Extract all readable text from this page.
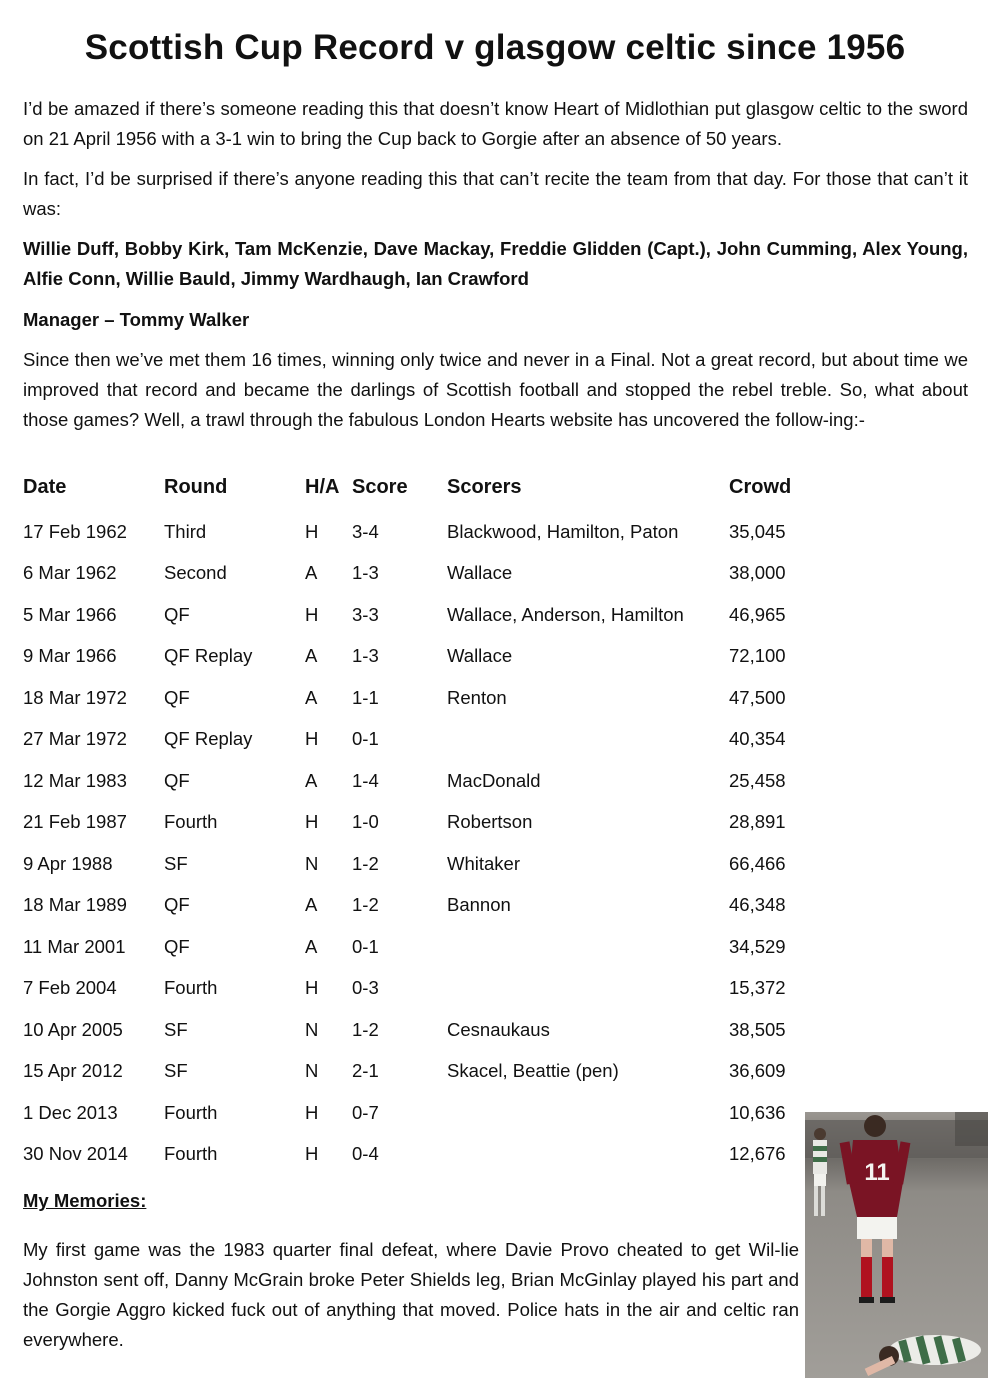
Scottish Cup Record v glasgow celtic since 1956

I’d be amazed if there’s someone reading this that doesn’t know Heart of Midlothian put glasgow celtic to the sword on 21 April 1956 with a 3-1 win to bring the Cup back to Gorgie after an absence of 50 years.

In fact, I’d be surprised if there’s anyone reading this that can’t recite the team from that day. For those that can’t it was:

Willie Duff, Bobby Kirk, Tam McKenzie, Dave Mackay, Freddie Glidden (Capt.), John Cumming, Alex Young, Alfie Conn, Willie Bauld, Jimmy Wardhaugh, Ian Crawford

Manager – Tommy Walker

Since then we’ve met them 16 times, winning only twice and never in a Final. Not a great record, but about time we improved that record and became the darlings of Scottish football and stopped the rebel treble. So, what about those games? Well, a trawl through the fabulous London Hearts website has uncovered the follow-ing:-

Date	Round	H/A	Score	Scorers	Crowd
17 Feb 1962	Third	H	3-4	Blackwood, Hamilton, Paton	35,045
6 Mar 1962	Second	A	1-3	Wallace	38,000
5 Mar 1966	QF	H	3-3	Wallace, Anderson, Hamilton	46,965
9 Mar 1966	QF Replay	A	1-3	Wallace	72,100
18 Mar 1972	QF	A	1-1	Renton	47,500
27 Mar 1972	QF Replay	H	0-1		40,354
12 Mar 1983	QF	A	1-4	MacDonald	25,458
21 Feb 1987	Fourth	H	1-0	Robertson	28,891
9 Apr 1988	SF	N	1-2	Whitaker	66,466
18 Mar 1989	QF	A	1-2	Bannon	46,348
11 Mar 2001	QF	A	0-1		34,529
7 Feb 2004	Fourth	H	0-3		15,372
10 Apr 2005	SF	N	1-2	Cesnaukaus	38,505
15 Apr 2012	SF	N	2-1	Skacel, Beattie (pen)	36,609
1 Dec 2013	Fourth	H	0-7		10,636
30 Nov 2014	Fourth	H	0-4		12,676

My Memories:

My first game was the 1983 quarter final defeat, where Davie Provo cheated to get Wil-lie Johnston sent off, Danny McGrain broke Peter Shields leg, Brian McGinlay played his part and the Gorgie Aggro kicked fuck out of anything that moved. Police hats in the air and celtic ran everywhere.

11
